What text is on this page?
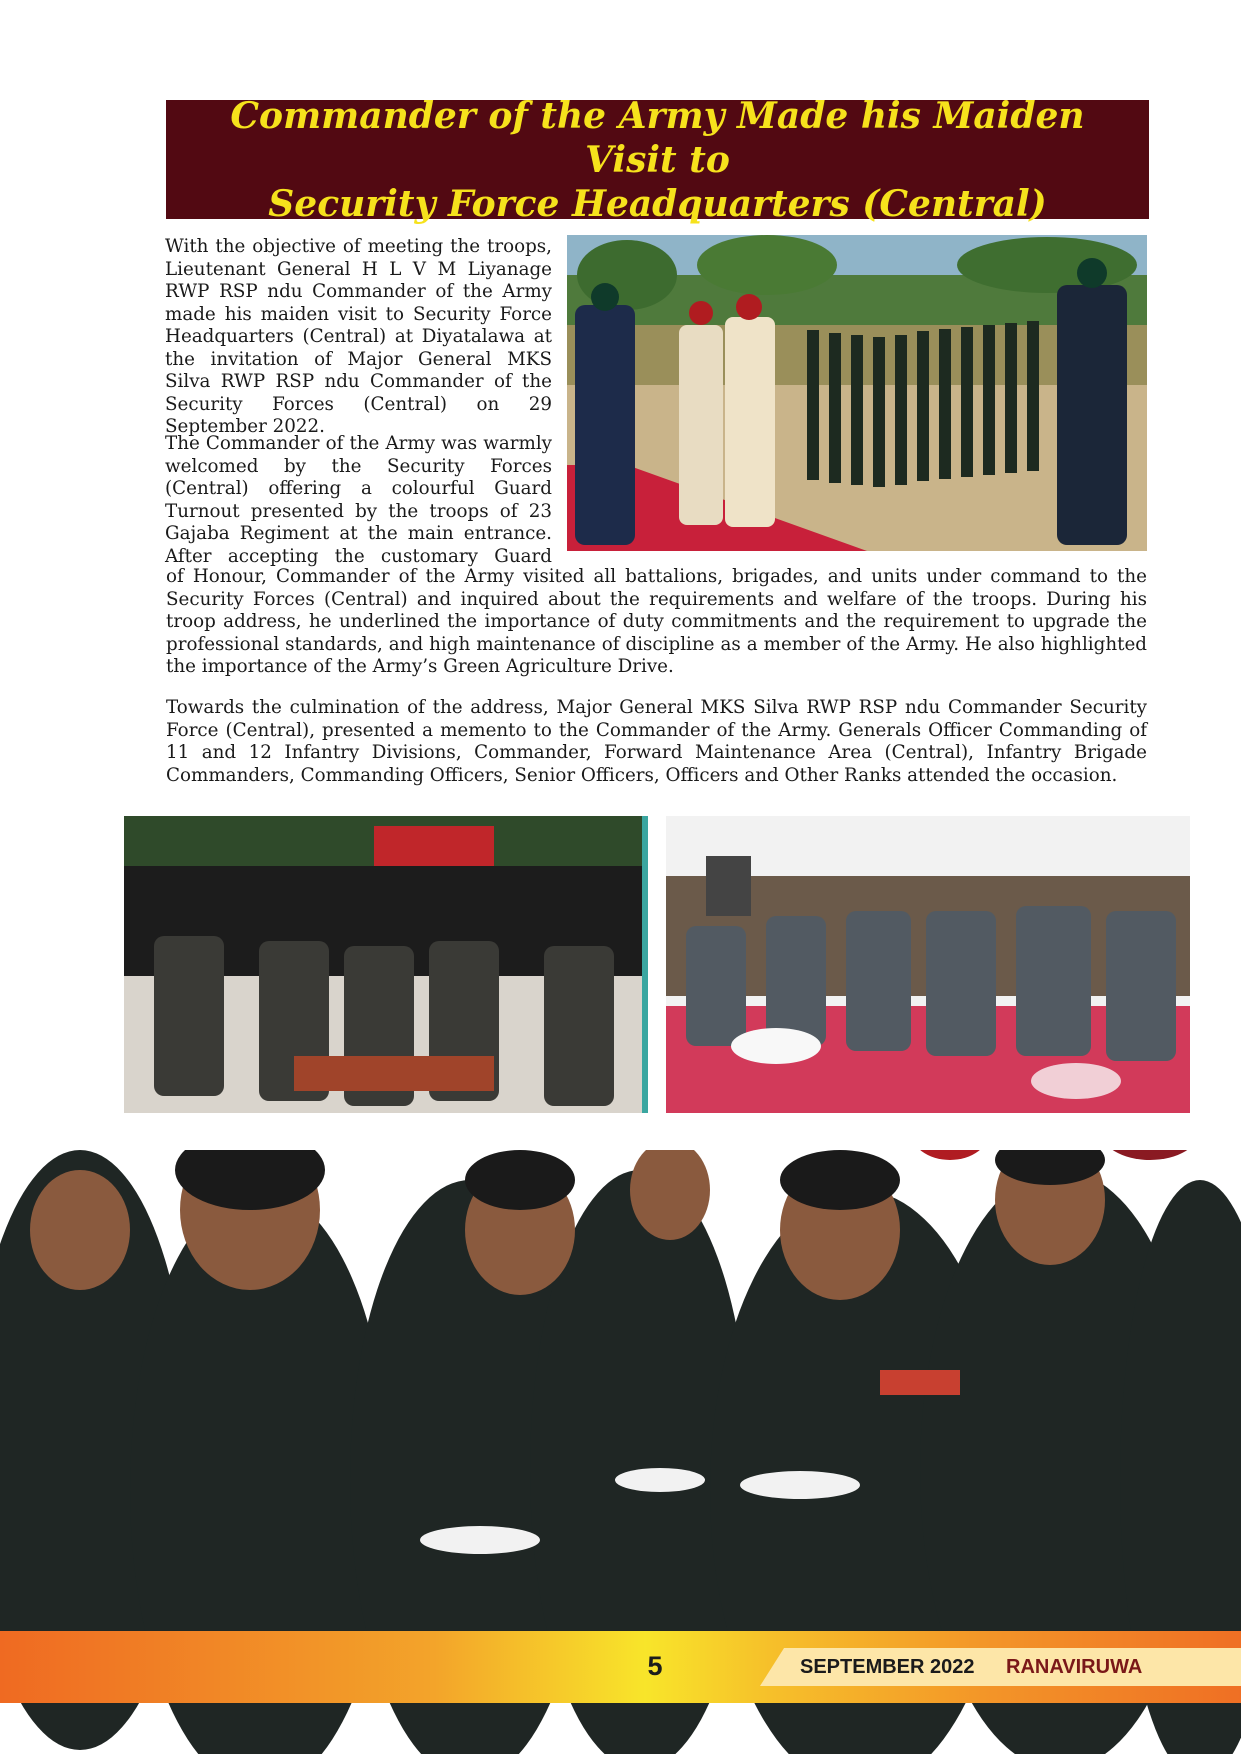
Commander of the Army Made his Maiden Visit to
Security Force Headquarters (Central)

With the objective of meeting the troops, Lieutenant General H L V M Liyanage RWP RSP ndu Commander of the Army made his maiden visit to Security Force Headquarters (Central) at Diyatalawa at the invitation of Major General MKS Silva RWP RSP ndu Commander of the Security Forces (Central) on 29 September 2022.

The Commander of the Army was warmly welcomed by the Security Forces (Central) offering a colourful Guard Turnout presented by the troops of 23 Gajaba Regiment at the main entrance. After accepting the customary Guard

of Honour, Commander of the Army visited all battalions, brigades, and units under command to the Security Forces (Central) and inquired about the requirements and welfare of the troops. During his troop address, he underlined the importance of duty commitments and the requirement to upgrade the professional standards, and high maintenance of discipline as a member of the Army. He also highlighted the importance of the Army’s Green Agriculture Drive.

Towards the culmination of the address, Major General MKS Silva RWP RSP ndu Commander Security Force (Central), presented a memento to the Commander of the Army. Generals Officer Commanding of 11 and 12 Infantry Divisions, Commander, Forward Maintenance Area (Central), Infantry Brigade Commanders, Commanding Officers, Senior Officers, Officers and Other Ranks attended the occasion.

5	SEPTEMBER 2022 RANAVIRUWA
